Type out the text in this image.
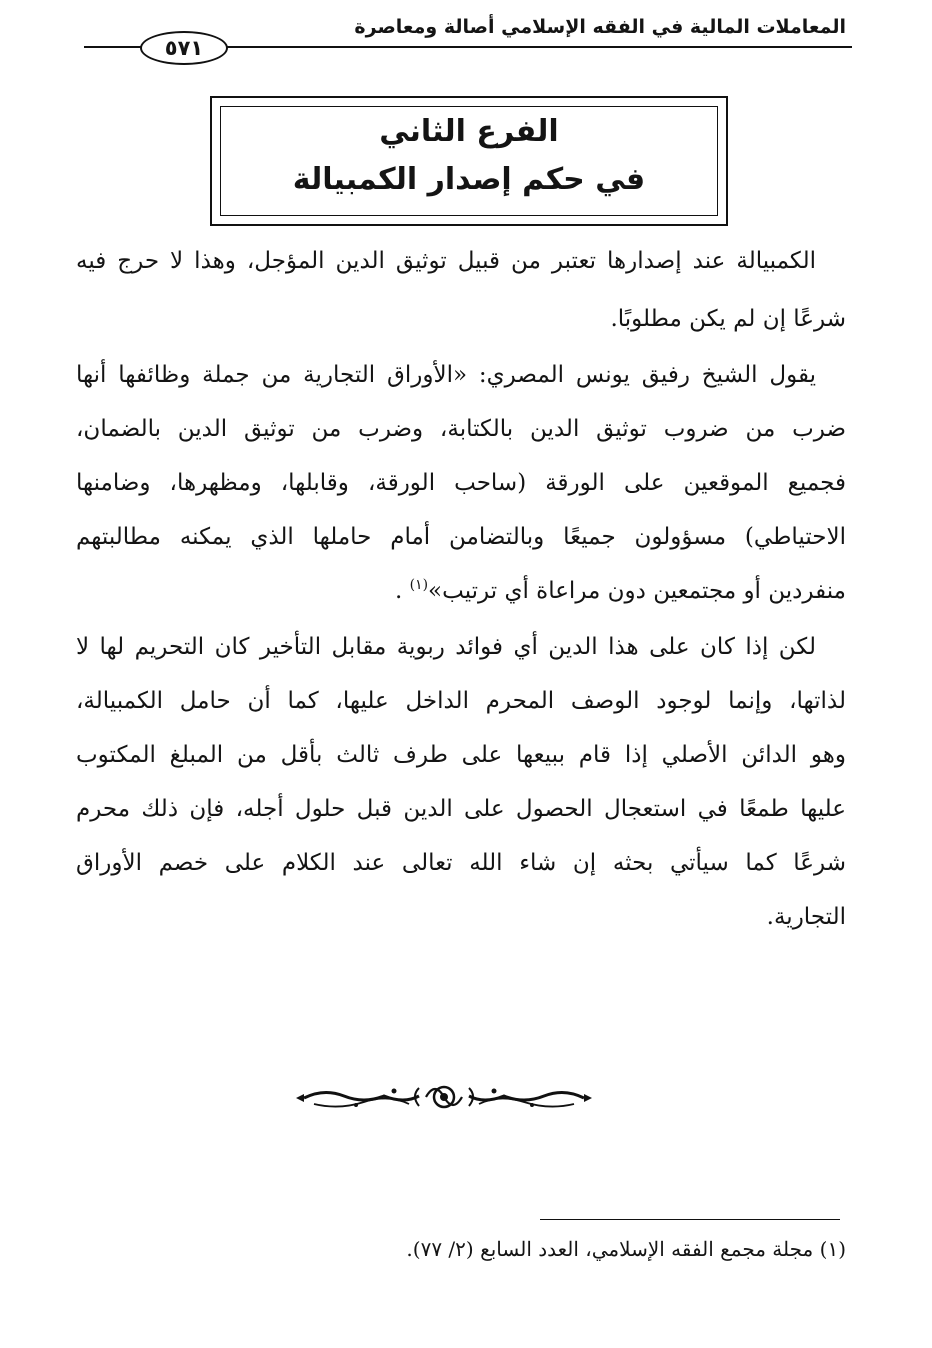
المعاملات المالية في الفقه الإسلامي أصالة ومعاصرة
٥٧١
الفرع الثاني
في حكم إصدار الكمبيالة
الكمبيالة عند إصدارها تعتبر من قبيل توثيق الدين المؤجل، وهذا لا حرج فيه
شرعًا إن لم يكن مطلوبًا.
يقول الشيخ رفيق يونس المصري: «الأوراق التجارية من جملة وظائفها أنها
ضرب من ضروب توثيق الدين بالكتابة، وضرب من توثيق الدين بالضمان،
فجميع الموقعين على الورقة (ساحب الورقة، وقابلها، ومظهرها، وضامنها
الاحتياطي) مسؤولون جميعًا وبالتضامن أمام حاملها الذي يمكنه مطالبتهم
منفردين أو مجتمعين دون مراعاة أي ترتيب»$^{(١)}$ .
لكن إذا كان على هذا الدين أي فوائد ربوية مقابل التأخير كان التحريم لها لا
لذاتها، وإنما لوجود الوصف المحرم الداخل عليها، كما أن حامل الكمبيالة،
وهو الدائن الأصلي إذا قام ببيعها على طرف ثالث بأقل من المبلغ المكتوب
عليها طمعًا في استعجال الحصول على الدين قبل حلول أجله، فإن ذلك محرم
شرعًا كما سيأتي بحثه إن شاء الله تعالى عند الكلام على خصم الأوراق
التجارية.
(١) مجلة مجمع الفقه الإسلامي، العدد السابع (٢/ ٧٧).
